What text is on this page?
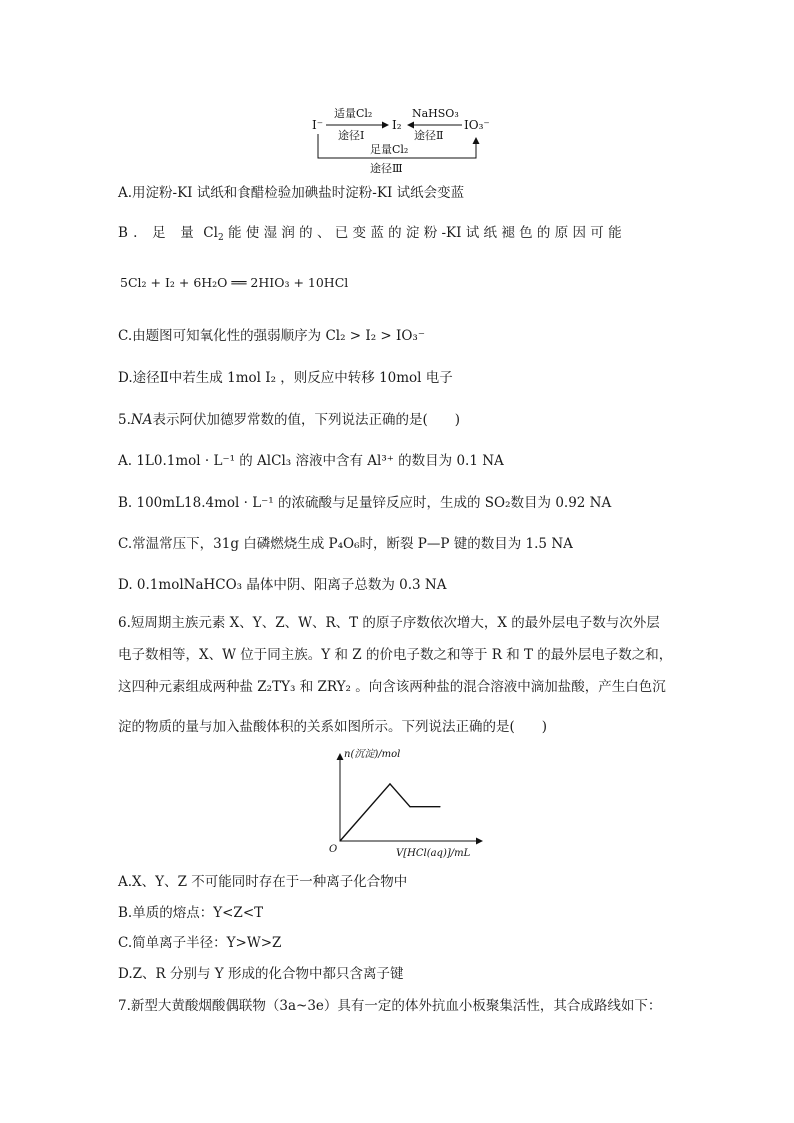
I⁻	I₂	IO₃⁻
适量Cl₂
途径Ⅰ
NaHSO₃
途径Ⅱ
足量Cl₂
途径Ⅲ
A.用淀粉-KI 试纸和食醋检验加碘盐时淀粉-KI 试纸会变蓝
B. 足 量 $Cl_2$ 能 使 湿 润 的 、 已 变 蓝 的 淀 粉 -KI 试 纸 褪 色 的 原 因 可 能
5Cl₂ + I₂ + 6H₂O ══ 2HIO₃ + 10HCl
C.由题图可知氧化性的强弱顺序为 Cl₂ > I₂ > IO₃⁻
D.途径Ⅱ中若生成 1mol I₂ ，则反应中转移 10mol 电子
5.NA表示阿伏加德罗常数的值，下列说法正确的是(　　)
A. 1L0.1mol · L⁻¹ 的 AlCl₃ 溶液中含有 Al³⁺ 的数目为 0.1 NA
B. 100mL18.4mol · L⁻¹ 的浓硫酸与足量锌反应时，生成的 SO₂数目为 0.92 NA
C.常温常压下，31g 白磷燃烧生成 P₄O₆时，断裂 P—P 键的数目为 1.5 NA
D. 0.1molNaHCO₃ 晶体中阴、阳离子总数为 0.3 NA
6.短周期主族元素 X、Y、Z、W、R、T 的原子序数依次增大，X 的最外层电子数与次外层
电子数相等，X、W 位于同主族。Y 和 Z 的价电子数之和等于 R 和 T 的最外层电子数之和，
这四种元素组成两种盐 Z₂TY₃ 和 ZRY₂ 。向含该两种盐的混合溶液中滴加盐酸，产生白色沉
淀的物质的量与加入盐酸体积的关系如图所示。下列说法正确的是(　　)
n(沉淀)/mol
V[HCl(aq)]/mL
O
A.X、Y、Z 不可能同时存在于一种离子化合物中
B.单质的熔点：Y<Z<T
C.简单离子半径：Y>W>Z
D.Z、R 分别与 Y 形成的化合物中都只含离子键
7.新型大黄酸烟酸偶联物（3a~3e）具有一定的体外抗血小板聚集活性，其合成路线如下：
